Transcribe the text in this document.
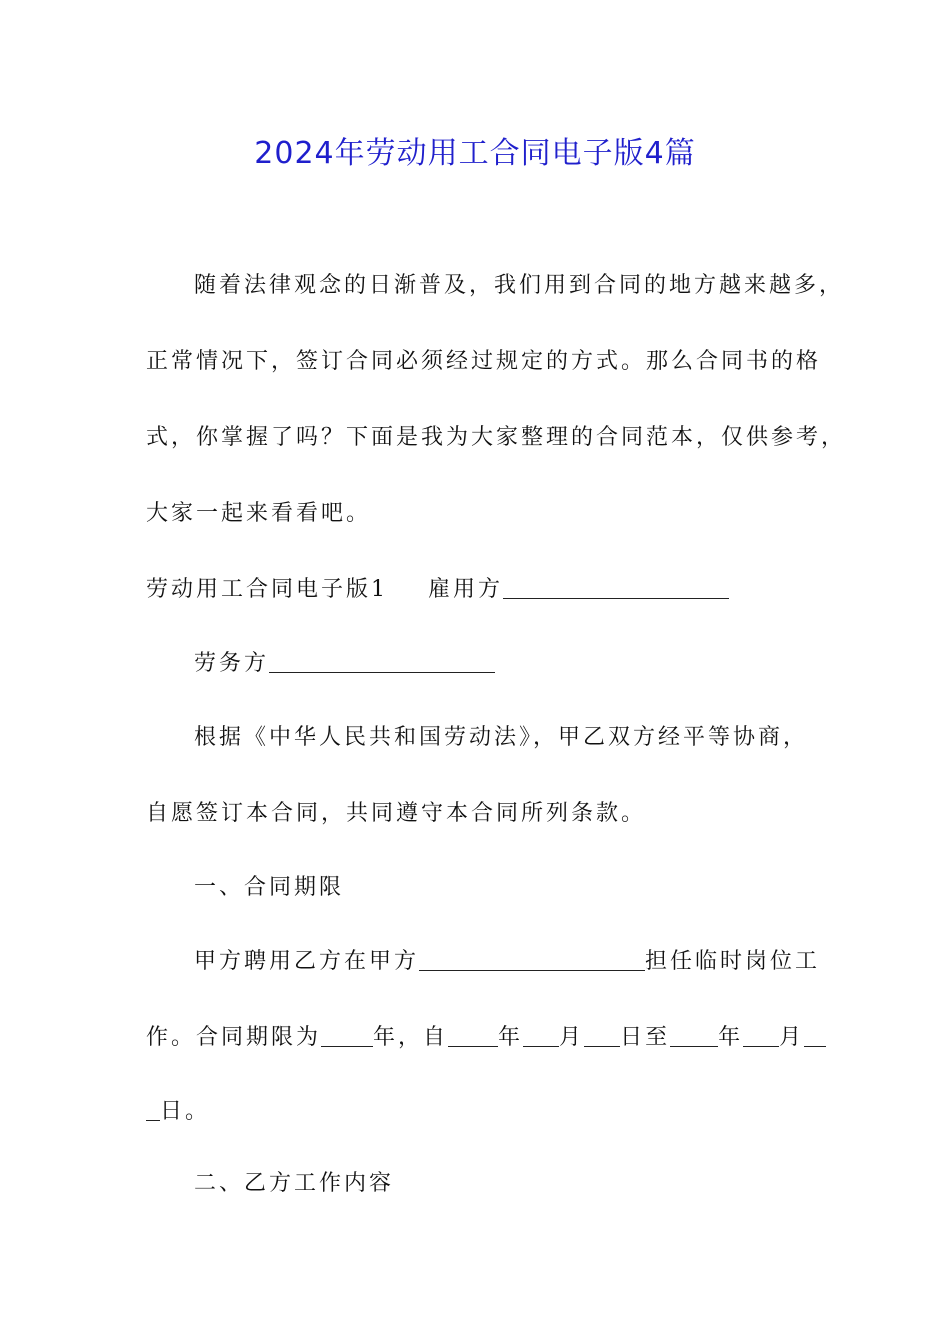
2024年劳动用工合同电子版4篇
随着法律观念的日渐普及，我们用到合同的地方越来越多，
正常情况下，签订合同必须经过规定的方式。那么合同书的格
式，你掌握了吗？下面是我为大家整理的合同范本，仅供参考，
大家一起来看看吧。
劳动用工合同电子版1 雇用方
劳务方
根据《中华人民共和国劳动法》，甲乙双方经平等协商，
自愿签订本合同，共同遵守本合同所列条款。
一、合同期限
甲方聘用乙方在甲方	担任临时岗位工
作。合同期限为 年，自 年 月 日至 年 月
日。
二、乙方工作内容
